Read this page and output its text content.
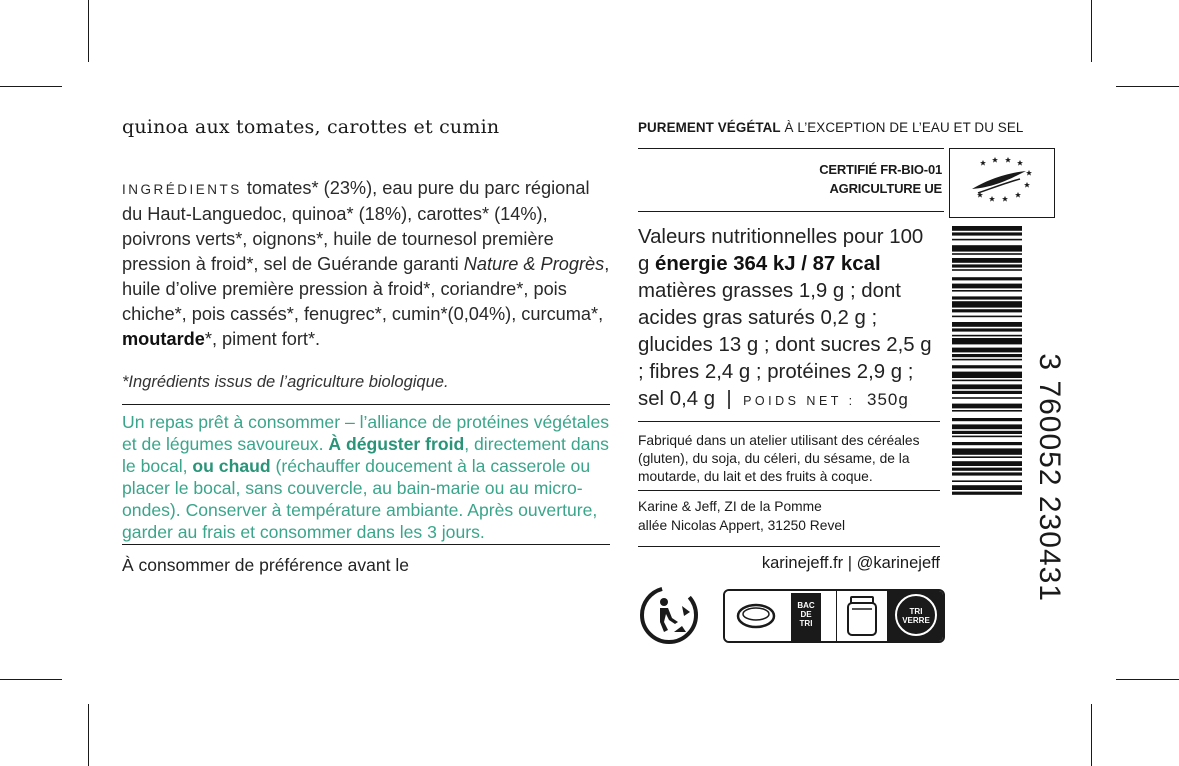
quinoa aux tomates, carottes et cumin
INGRÉDIENTS tomates* (23%), eau pure du parc régional du Haut-Languedoc, quinoa* (18%), carottes* (14%), poivrons verts*, oignons*, huile de tournesol première pression à froid*, sel de Guérande garanti Nature & Progrès, huile d’olive première pression à froid*, coriandre*, pois chiche*, pois cassés*, fenugrec*, cumin*(0,04%), curcuma*, moutarde*, piment fort*.
*Ingrédients issus de l’agriculture biologique.
Un repas prêt à consommer – l’alliance de protéines végétales et de légumes savoureux. À déguster froid, directement dans le bocal, ou chaud (réchauffer doucement à la casserole ou placer le bocal, sans couvercle, au bain-marie ou au micro-ondes). Conserver à température ambiante. Après ouverture, garder au frais et consommer dans les 3 jours.
À consommer de préférence avant le
PUREMENT VÉGÉTAL À L’EXCEPTION DE L’EAU ET DU SEL
CERTIFIÉ FR-BIO-01
AGRICULTURE UE
Valeurs nutritionnelles pour 100 g énergie 364 kJ / 87 kcal matières grasses 1,9 g ; dont acides gras saturés 0,2 g ; glucides 13 g ; dont sucres 2,5 g ; fibres 2,4 g ; protéines 2,9 g ; sel 0,4 g  |  POIDS NET : 350g
Fabriqué dans un atelier utilisant des céréales (gluten), du soja, du céleri, du sésame, de la moutarde, du lait et des fruits à coque.
Karine & Jeff, ZI de la Pomme
allée Nicolas Appert, 31250 Revel
karinejeff.fr | @karinejeff
BAC
DE
TRI
TRI
VERRE
3 760052 230431
